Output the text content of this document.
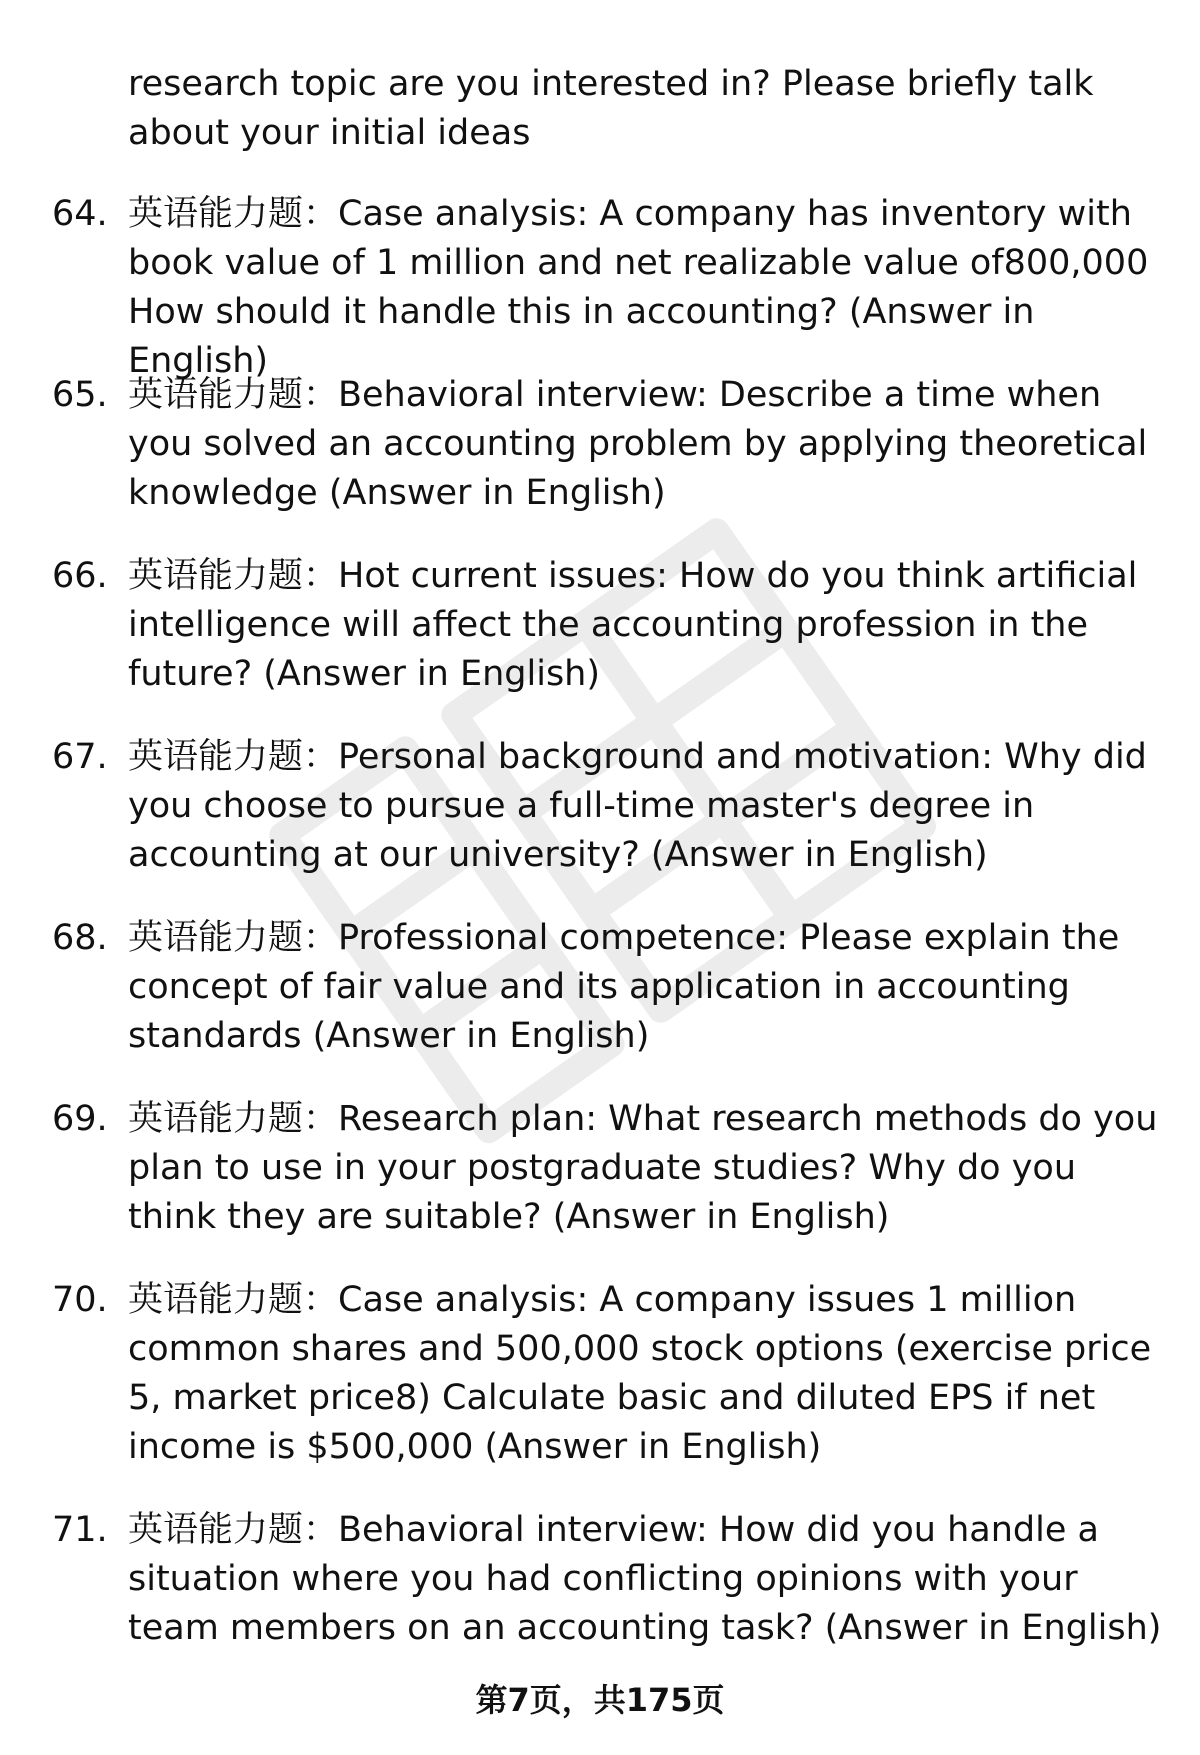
research topic are you interested in? Please briefly talk about your initial ideas
64. 英语能力题：Case analysis: A company has inventory with book value of 1 million and net realizable value of800,000 How should it handle this in accounting? (Answer in English)
65. 英语能力题：Behavioral interview: Describe a time when you solved an accounting problem by applying theoretical knowledge (Answer in English)
66. 英语能力题：Hot current issues: How do you think artificial intelligence will affect the accounting profession in the future? (Answer in English)
67. 英语能力题：Personal background and motivation: Why did you choose to pursue a full-time master's degree in accounting at our university? (Answer in English)
68. 英语能力题：Professional competence: Please explain the concept of fair value and its application in accounting standards (Answer in English)
69. 英语能力题：Research plan: What research methods do you plan to use in your postgraduate studies? Why do you think they are suitable? (Answer in English)
70. 英语能力题：Case analysis: A company issues 1 million common shares and 500,000 stock options (exercise price 5, market price8) Calculate basic and diluted EPS if net income is $500,000 (Answer in English)
71. 英语能力题：Behavioral interview: How did you handle a situation where you had conflicting opinions with your team members on an accounting task? (Answer in English)
第7页，共175页
